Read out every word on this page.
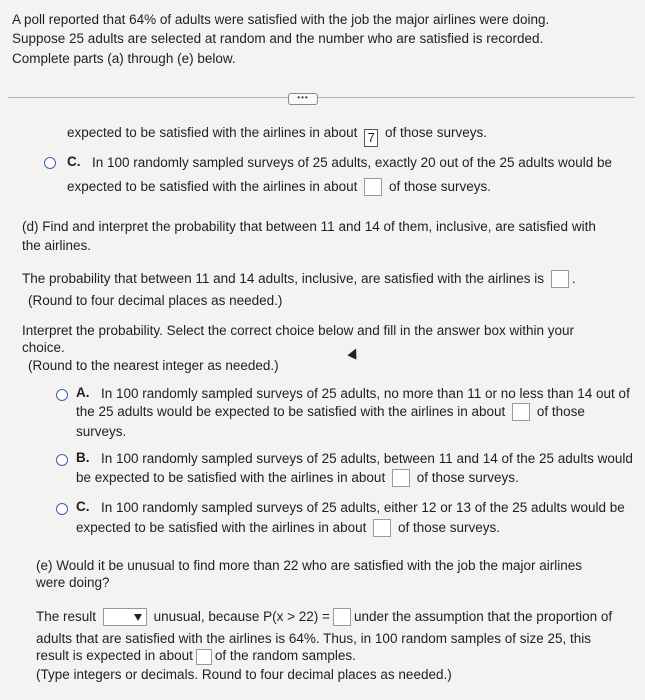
A poll reported that 64% of adults were satisfied with the job the major airlines were doing.
Suppose 25 adults are selected at random and the number who are satisfied is recorded.
Complete parts (a) through (e) below.
•••
expected to be satisfied with the airlines in about 7 of those surveys.
C. In 100 randomly sampled surveys of 25 adults, exactly 20 out of the 25 adults would be
expected to be satisfied with the airlines in about of those surveys.
(d) Find and interpret the probability that between 11 and 14 of them, inclusive, are satisfied with
the airlines.
The probability that between 11 and 14 adults, inclusive, are satisfied with the airlines is .
(Round to four decimal places as needed.)
Interpret the probability. Select the correct choice below and fill in the answer box within your
choice.
(Round to the nearest integer as needed.)
A. In 100 randomly sampled surveys of 25 adults, no more than 11 or no less than 14 out of
the 25 adults would be expected to be satisfied with the airlines in about of those
surveys.
B. In 100 randomly sampled surveys of 25 adults, between 11 and 14 of the 25 adults would
be expected to be satisfied with the airlines in about of those surveys.
C. In 100 randomly sampled surveys of 25 adults, either 12 or 13 of the 25 adults would be
expected to be satisfied with the airlines in about of those surveys.
(e) Would it be unusual to find more than 22 who are satisfied with the job the major airlines
were doing?
The result	unusual, because P(x > 22) = under the assumption that the proportion of
adults that are satisfied with the airlines is 64%. Thus, in 100 random samples of size 25, this
result is expected in about of the random samples.
(Type integers or decimals. Round to four decimal places as needed.)
